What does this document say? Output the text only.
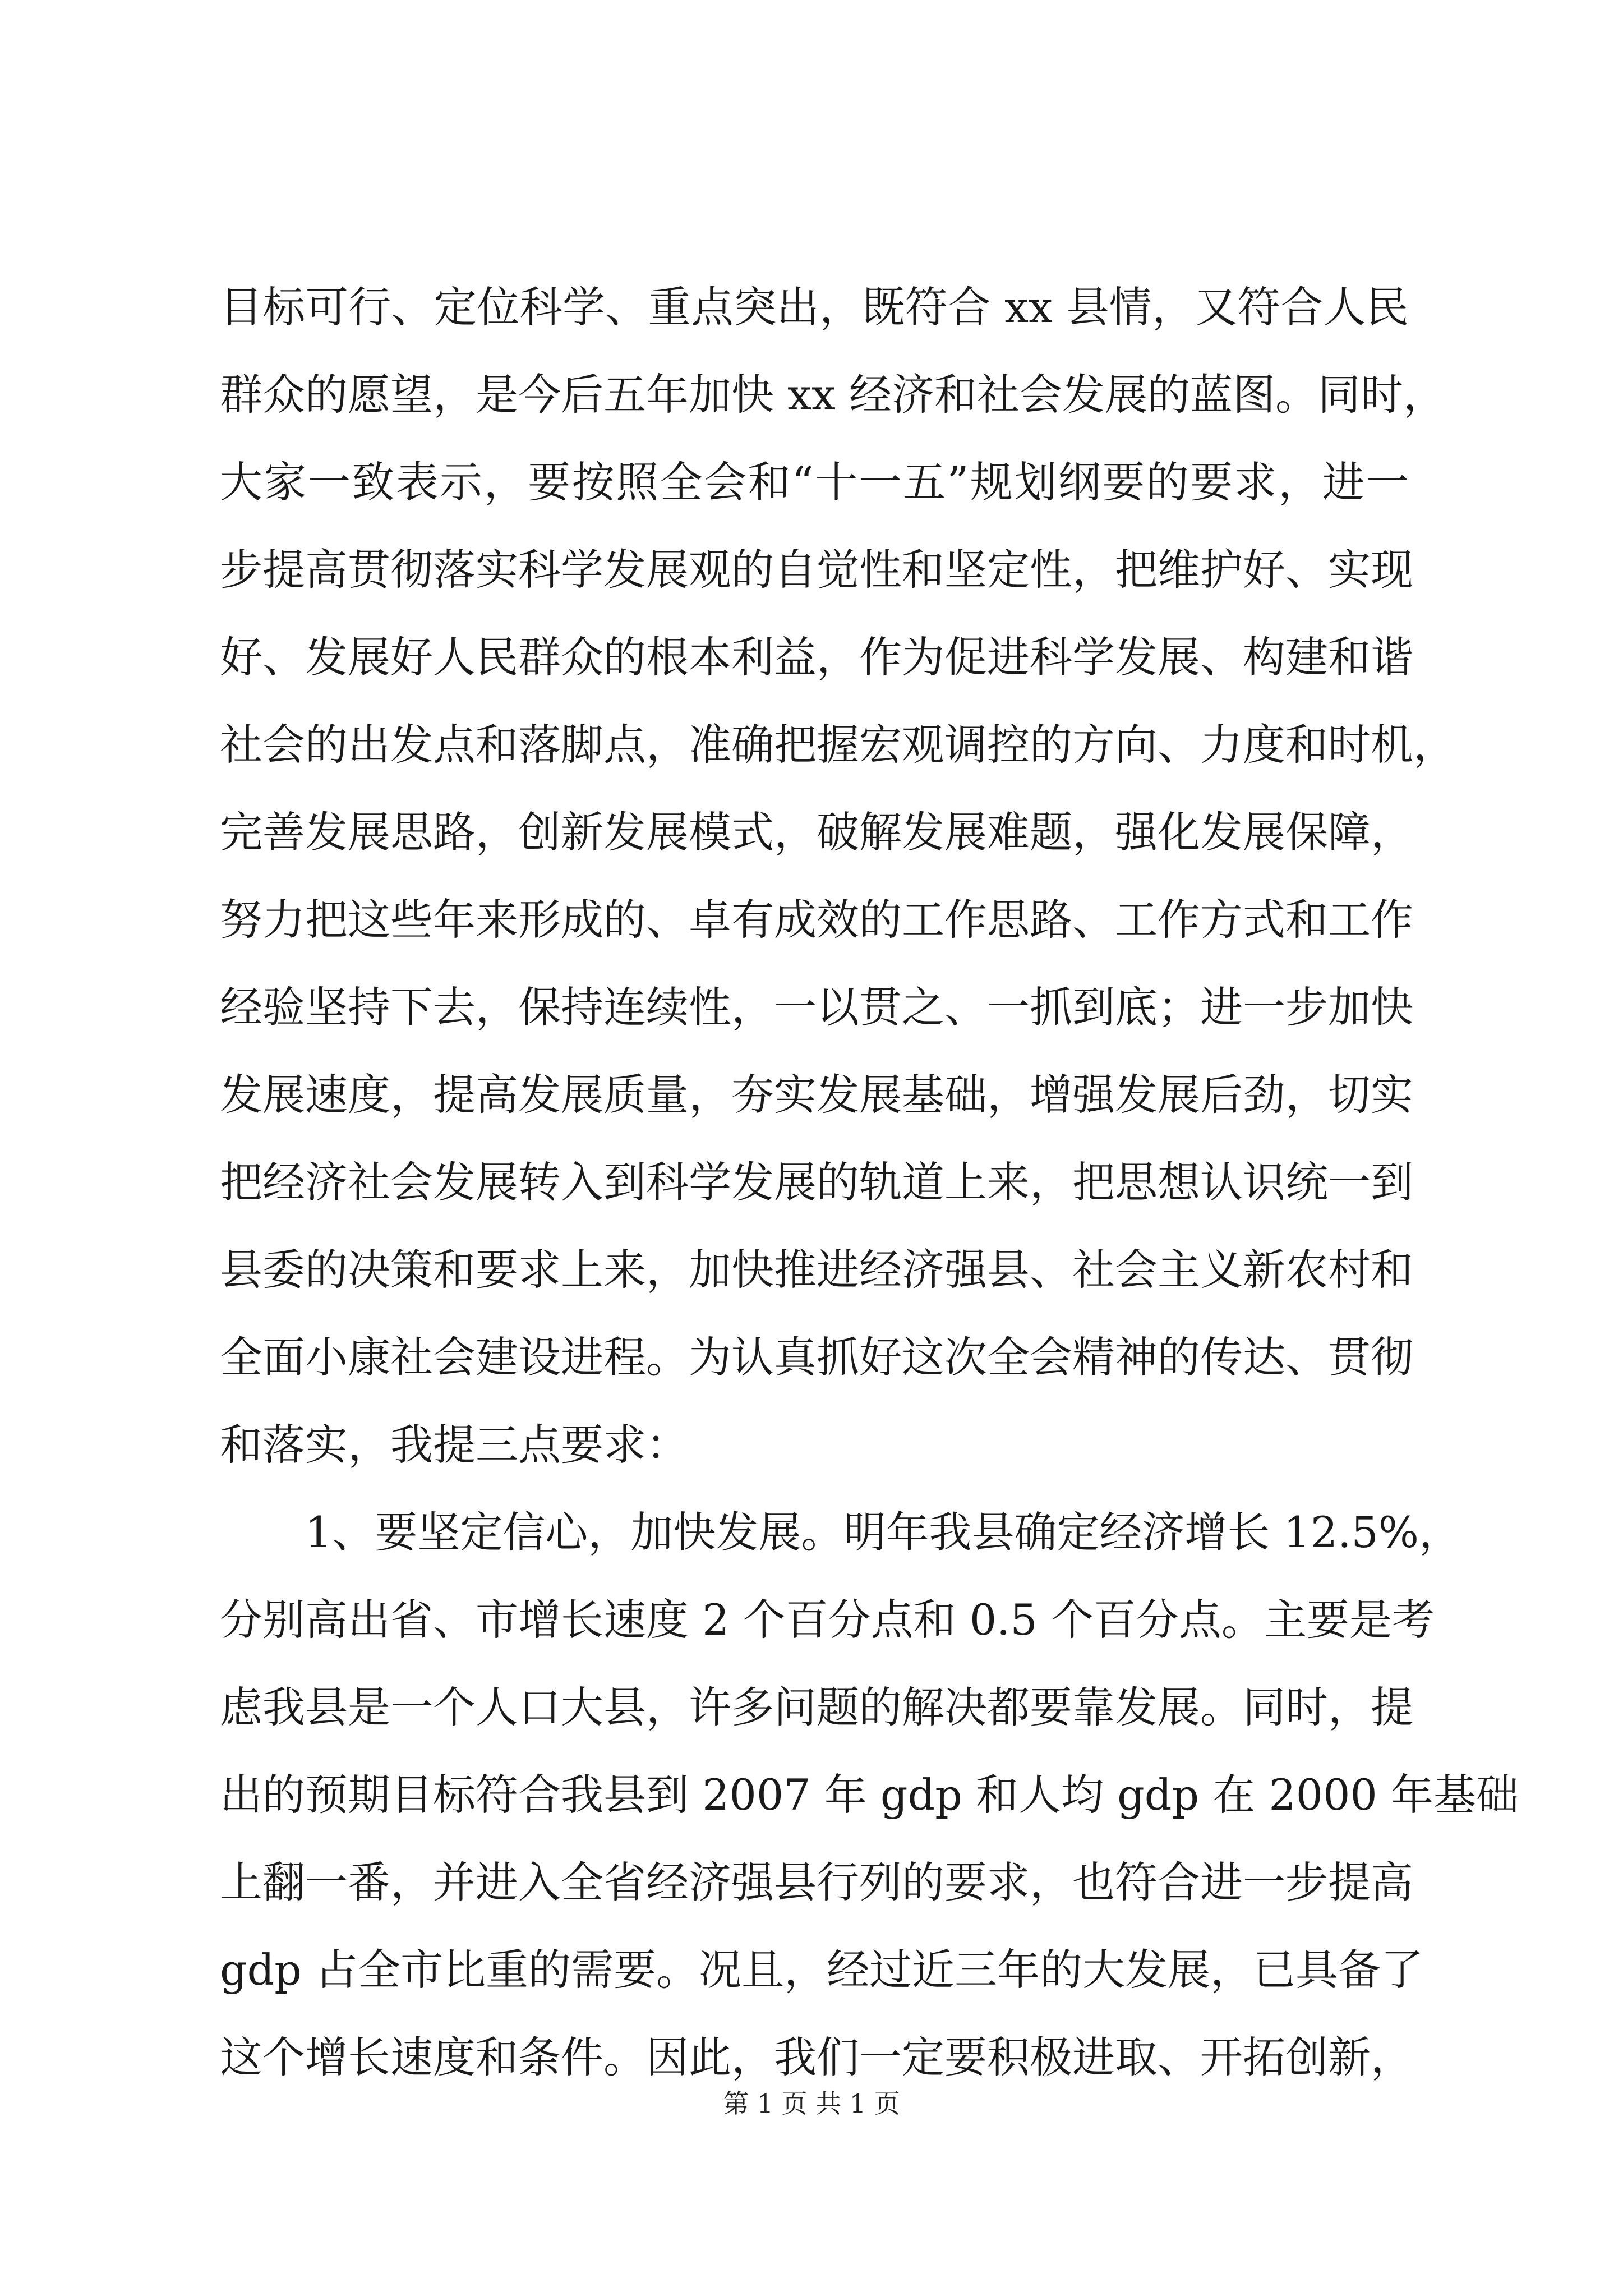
目标可行、定位科学、重点突出，既符合 xx 县情，又符合人民
群众的愿望，是今后五年加快 xx 经济和社会发展的蓝图。同时，
大家一致表示，要按照全会和“十一五”规划纲要的要求，进一
步提高贯彻落实科学发展观的自觉性和坚定性，把维护好、实现
好、发展好人民群众的根本利益，作为促进科学发展、构建和谐
社会的出发点和落脚点，准确把握宏观调控的方向、力度和时机，
完善发展思路，创新发展模式，破解发展难题，强化发展保障，
努力把这些年来形成的、卓有成效的工作思路、工作方式和工作
经验坚持下去，保持连续性，一以贯之、一抓到底；进一步加快
发展速度，提高发展质量，夯实发展基础，增强发展后劲，切实
把经济社会发展转入到科学发展的轨道上来，把思想认识统一到
县委的决策和要求上来，加快推进经济强县、社会主义新农村和
全面小康社会建设进程。为认真抓好这次全会精神的传达、贯彻
和落实，我提三点要求：
1、要坚定信心，加快发展。明年我县确定经济增长 12.5%，
分别高出省、市增长速度 2 个百分点和 0.5 个百分点。主要是考
虑我县是一个人口大县，许多问题的解决都要靠发展。同时，提
出的预期目标符合我县到 2007 年 gdp 和人均 gdp 在 2000 年基础
上翻一番，并进入全省经济强县行列的要求，也符合进一步提高
gdp 占全市比重的需要。况且，经过近三年的大发展，已具备了
这个增长速度和条件。因此，我们一定要积极进取、开拓创新，
第 1 页 共 1 页
